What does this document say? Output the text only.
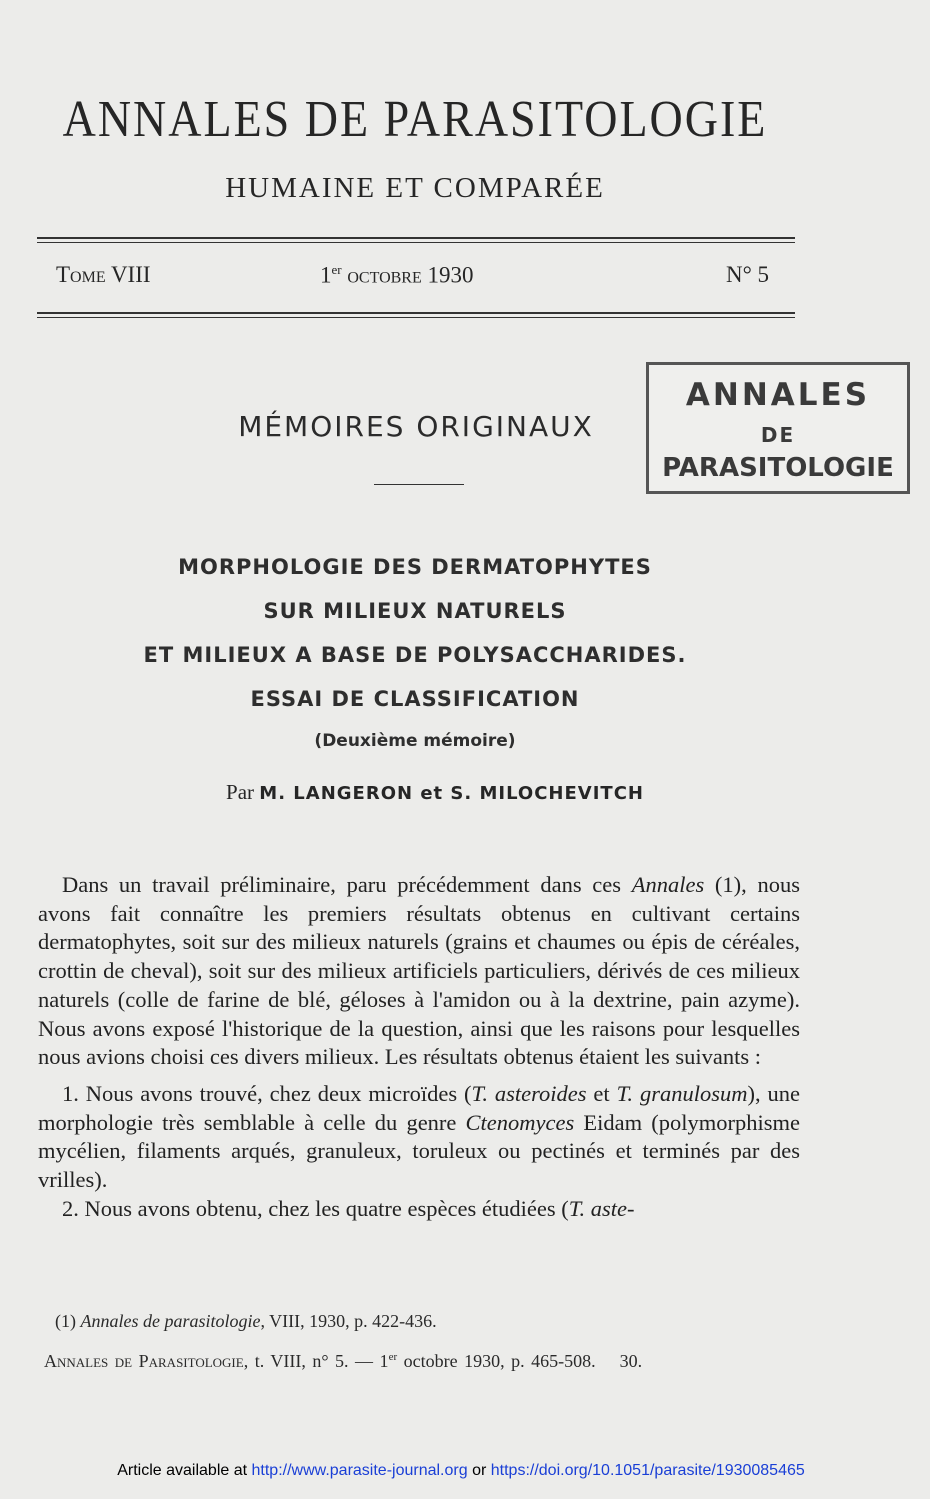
ANNALES DE PARASITOLOGIE
HUMAINE ET COMPARÉE
Tome VIII	1er octobre 1930	N° 5
ANNALES
DE
PARASITOLOGIE
MÉMOIRES ORIGINAUX
MORPHOLOGIE DES DERMATOPHYTES
SUR MILIEUX NATURELS
ET MILIEUX A BASE DE POLYSACCHARIDES.
ESSAI DE CLASSIFICATION
(Deuxième mémoire)
Par M. LANGERON et S. MILOCHEVITCH

Dans un travail préliminaire, paru précédemment dans ces Annales (1), nous avons fait connaître les premiers résultats obtenus en cultivant certains dermatophytes, soit sur des milieux naturels (grains et chaumes ou épis de céréales, crottin de cheval), soit sur des milieux artificiels particuliers, dérivés de ces milieux naturels (colle de farine de blé, géloses à l'amidon ou à la dextrine, pain azyme). Nous avons exposé l'historique de la question, ainsi que les raisons pour lesquelles nous avions choisi ces divers milieux. Les résultats obtenus étaient les suivants :

1. Nous avons trouvé, chez deux microïdes (T. asteroides et T. granulosum), une morphologie très semblable à celle du genre Ctenomyces Eidam (polymorphisme mycélien, filaments arqués, granuleux, toruleux ou pectinés et terminés par des vrilles).

2. Nous avons obtenu, chez les quatre espèces étudiées (T. aste-

(1) Annales de parasitologie, VIII, 1930, p. 422-436.
Annales de Parasitologie, t. VIII, n° 5. — 1er octobre 1930, p. 465-508. 30.
Article available at http://www.parasite-journal.org or https://doi.org/10.1051/parasite/1930085465
